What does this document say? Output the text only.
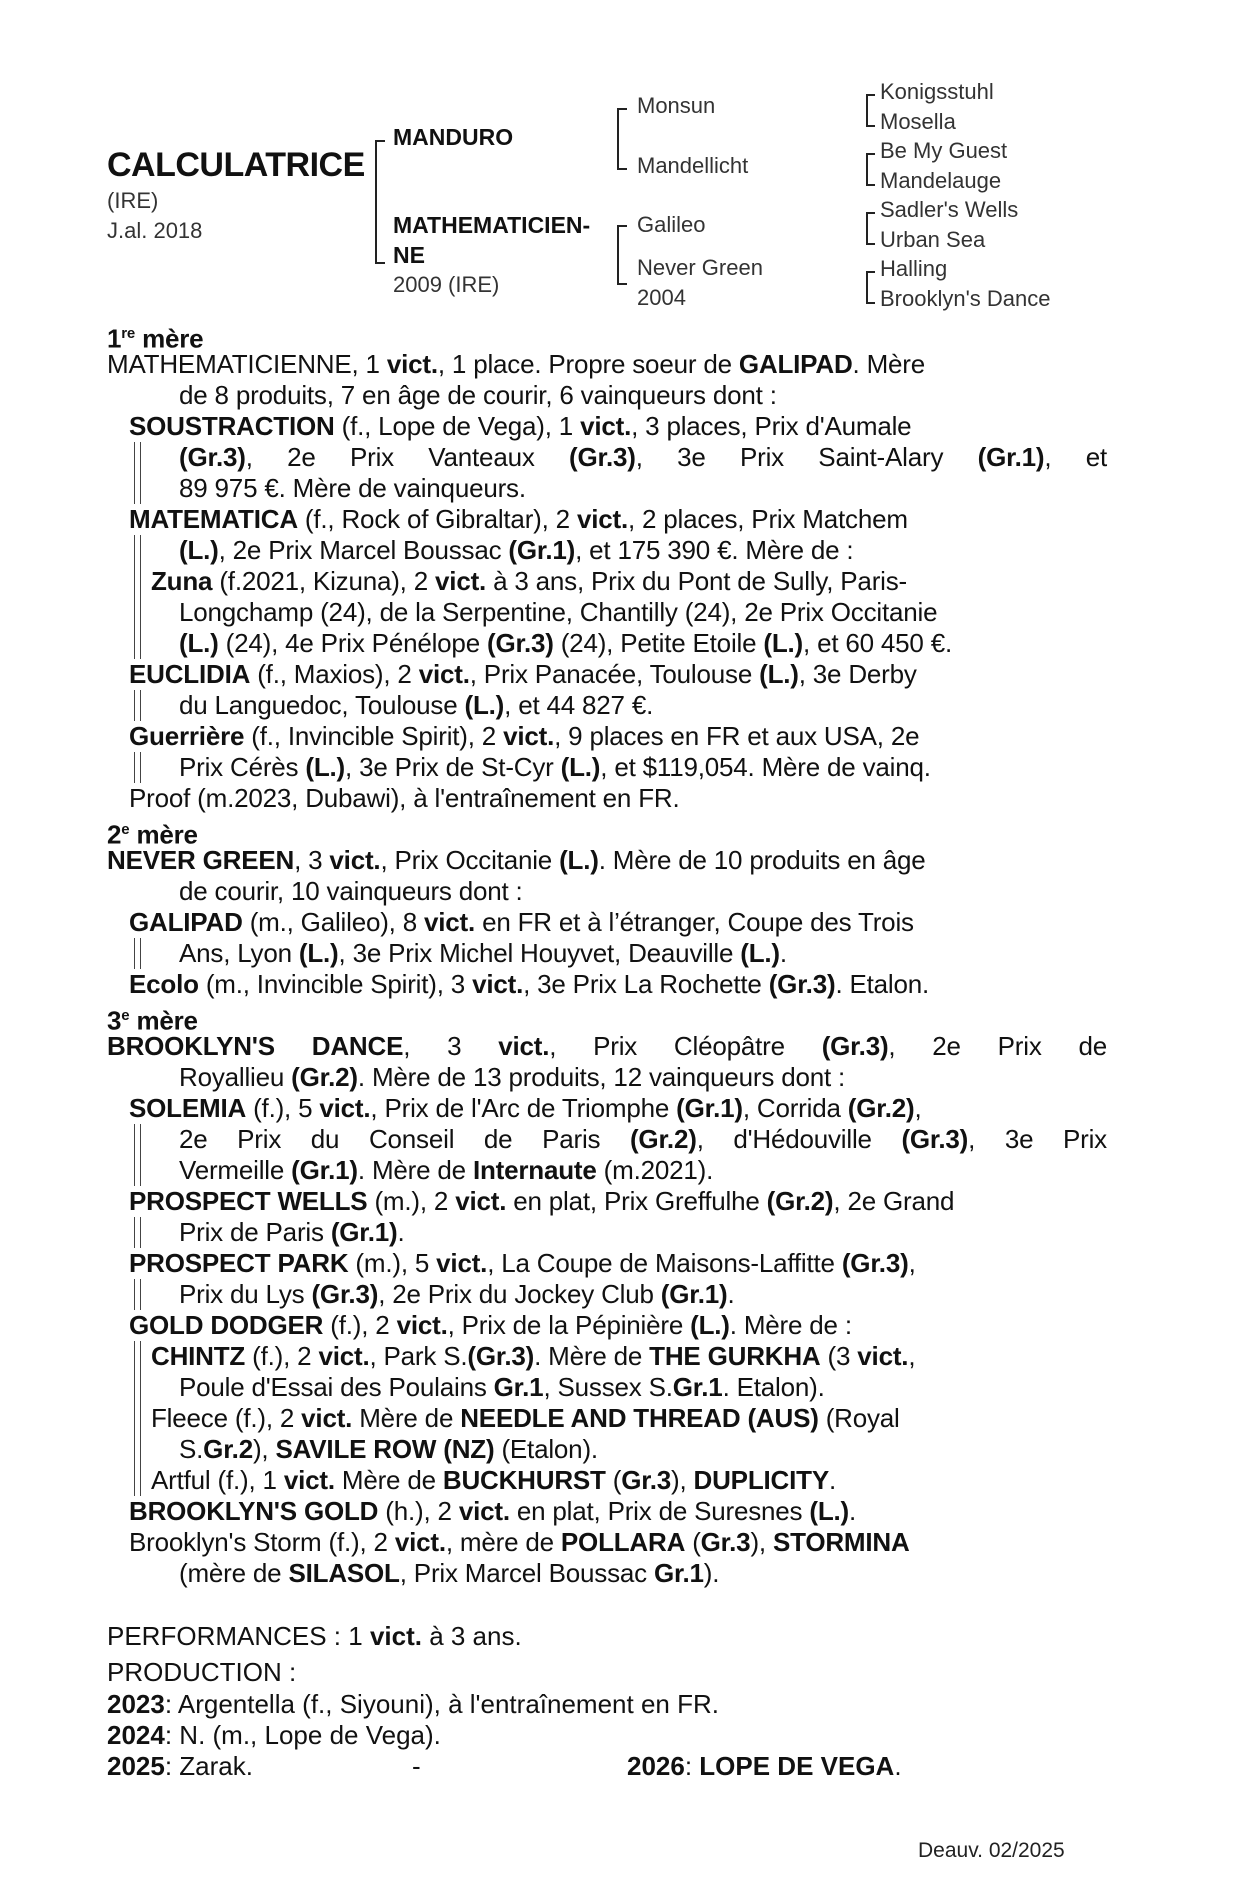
CALCULATRICE
(IRE)
J.al. 2018
MANDURO
MATHEMATICIEN-
NE
2009 (IRE)
Monsun
Mandellicht
Galileo
Never Green
2004
Konigsstuhl
Mosella
Be My Guest
Mandelauge
Sadler's Wells
Urban Sea
Halling
Brooklyn's Dance
1re mère
MATHEMATICIENNE, 1 vict., 1 place. Propre soeur de GALIPAD. Mère
de 8 produits, 7 en âge de courir, 6 vainqueurs dont :
SOUSTRACTION (f., Lope de Vega), 1 vict., 3 places, Prix d'Aumale
(Gr.3), 2e Prix Vanteaux (Gr.3), 3e Prix Saint-Alary (Gr.1), et
89 975 €. Mère de vainqueurs.
MATEMATICA (f., Rock of Gibraltar), 2 vict., 2 places, Prix Matchem
(L.), 2e Prix Marcel Boussac (Gr.1), et 175 390 €. Mère de :
Zuna (f.2021, Kizuna), 2 vict. à 3 ans, Prix du Pont de Sully, Paris-
Longchamp (24), de la Serpentine, Chantilly (24), 2e Prix Occitanie
(L.) (24), 4e Prix Pénélope (Gr.3) (24), Petite Etoile (L.), et 60 450 €.
EUCLIDIA (f., Maxios), 2 vict., Prix Panacée, Toulouse (L.), 3e Derby
du Languedoc, Toulouse (L.), et 44 827 €.
Guerrière (f., Invincible Spirit), 2 vict., 9 places en FR et aux USA, 2e
Prix Cérès (L.), 3e Prix de St-Cyr (L.), et $119,054. Mère de vainq.
Proof (m.2023, Dubawi), à l'entraînement en FR.
2e mère
NEVER GREEN, 3 vict., Prix Occitanie (L.). Mère de 10 produits en âge
de courir, 10 vainqueurs dont :
GALIPAD (m., Galileo), 8 vict. en FR et à l’étranger, Coupe des Trois
Ans, Lyon (L.), 3e Prix Michel Houyvet, Deauville (L.).
Ecolo (m., Invincible Spirit), 3 vict., 3e Prix La Rochette (Gr.3). Etalon.
3e mère
BROOKLYN'S DANCE, 3 vict., Prix Cléopâtre (Gr.3), 2e Prix de
Royallieu (Gr.2). Mère de 13 produits, 12 vainqueurs dont :
SOLEMIA (f.), 5 vict., Prix de l'Arc de Triomphe (Gr.1), Corrida (Gr.2),
2e Prix du Conseil de Paris (Gr.2), d'Hédouville (Gr.3), 3e Prix
Vermeille (Gr.1). Mère de Internaute (m.2021).
PROSPECT WELLS (m.), 2 vict. en plat, Prix Greffulhe (Gr.2), 2e Grand
Prix de Paris (Gr.1).
PROSPECT PARK (m.), 5 vict., La Coupe de Maisons-Laffitte (Gr.3),
Prix du Lys (Gr.3), 2e Prix du Jockey Club (Gr.1).
GOLD DODGER (f.), 2 vict., Prix de la Pépinière (L.). Mère de :
CHINTZ (f.), 2 vict., Park S.(Gr.3). Mère de THE GURKHA (3 vict.,
Poule d'Essai des Poulains Gr.1, Sussex S.Gr.1. Etalon).
Fleece (f.), 2 vict. Mère de NEEDLE AND THREAD (AUS) (Royal
S.Gr.2), SAVILE ROW (NZ) (Etalon).
Artful (f.), 1 vict. Mère de BUCKHURST (Gr.3), DUPLICITY.
BROOKLYN'S GOLD (h.), 2 vict. en plat, Prix de Suresnes (L.).
Brooklyn's Storm (f.), 2 vict., mère de POLLARA (Gr.3), STORMINA
(mère de SILASOL, Prix Marcel Boussac Gr.1).
PERFORMANCES : 1 vict. à 3 ans.
PRODUCTION :
2023: Argentella (f., Siyouni), à l'entraînement en FR.
2024: N. (m., Lope de Vega).
2025: Zarak.	-	2026: LOPE DE VEGA.
Deauv. 02/2025
